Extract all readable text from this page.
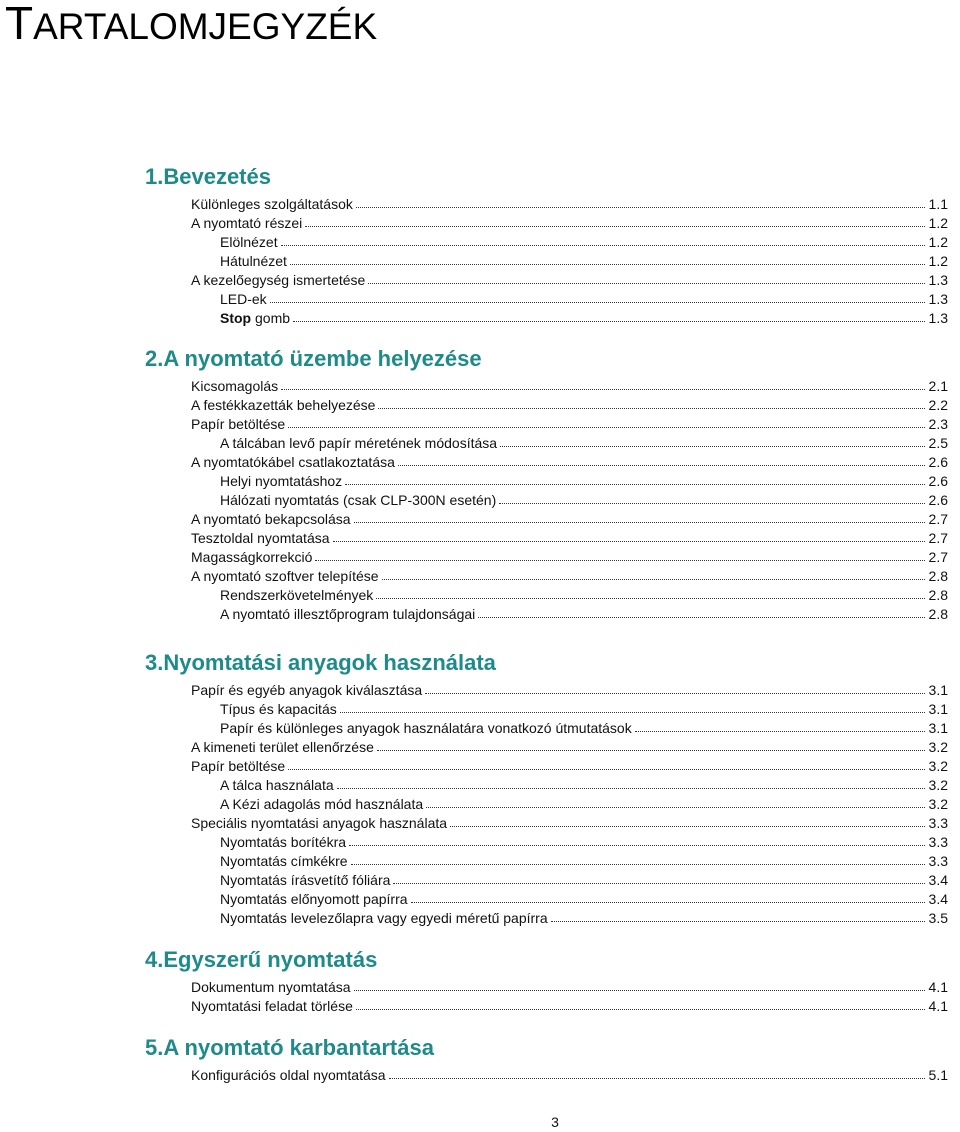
TARTALOMJEGYZÉK
1.Bevezetés
Különleges szolgáltatások	1.1
A nyomtató részei	1.2
Elölnézet	1.2
Hátulnézet	1.2
A kezelőegység ismertetése	1.3
LED-ek	1.3
Stop gomb	1.3
2.A nyomtató üzembe helyezése
Kicsomagolás	2.1
A festékkazetták behelyezése	2.2
Papír betöltése	2.3
A tálcában levő papír méretének módosítása	2.5
A nyomtatókábel csatlakoztatása	2.6
Helyi nyomtatáshoz	2.6
Hálózati nyomtatás (csak CLP-300N esetén)	2.6
A nyomtató bekapcsolása	2.7
Tesztoldal nyomtatása	2.7
Magasságkorrekció	2.7
A nyomtató szoftver telepítése	2.8
Rendszerkövetelmények	2.8
A nyomtató illesztőprogram tulajdonságai	2.8
3.Nyomtatási anyagok használata
Papír és egyéb anyagok kiválasztása	3.1
Típus és kapacitás	3.1
Papír és különleges anyagok használatára vonatkozó útmutatások	3.1
A kimeneti terület ellenőrzése	3.2
Papír betöltése	3.2
A tálca használata	3.2
A Kézi adagolás mód használata	3.2
Speciális nyomtatási anyagok használata	3.3
Nyomtatás borítékra	3.3
Nyomtatás címkékre	3.3
Nyomtatás írásvetítő fóliára	3.4
Nyomtatás előnyomott papírra	3.4
Nyomtatás levelezőlapra vagy egyedi méretű papírra	3.5
4.Egyszerű nyomtatás
Dokumentum nyomtatása	4.1
Nyomtatási feladat törlése	4.1
5.A nyomtató karbantartása
Konfigurációs oldal nyomtatása	5.1
3
